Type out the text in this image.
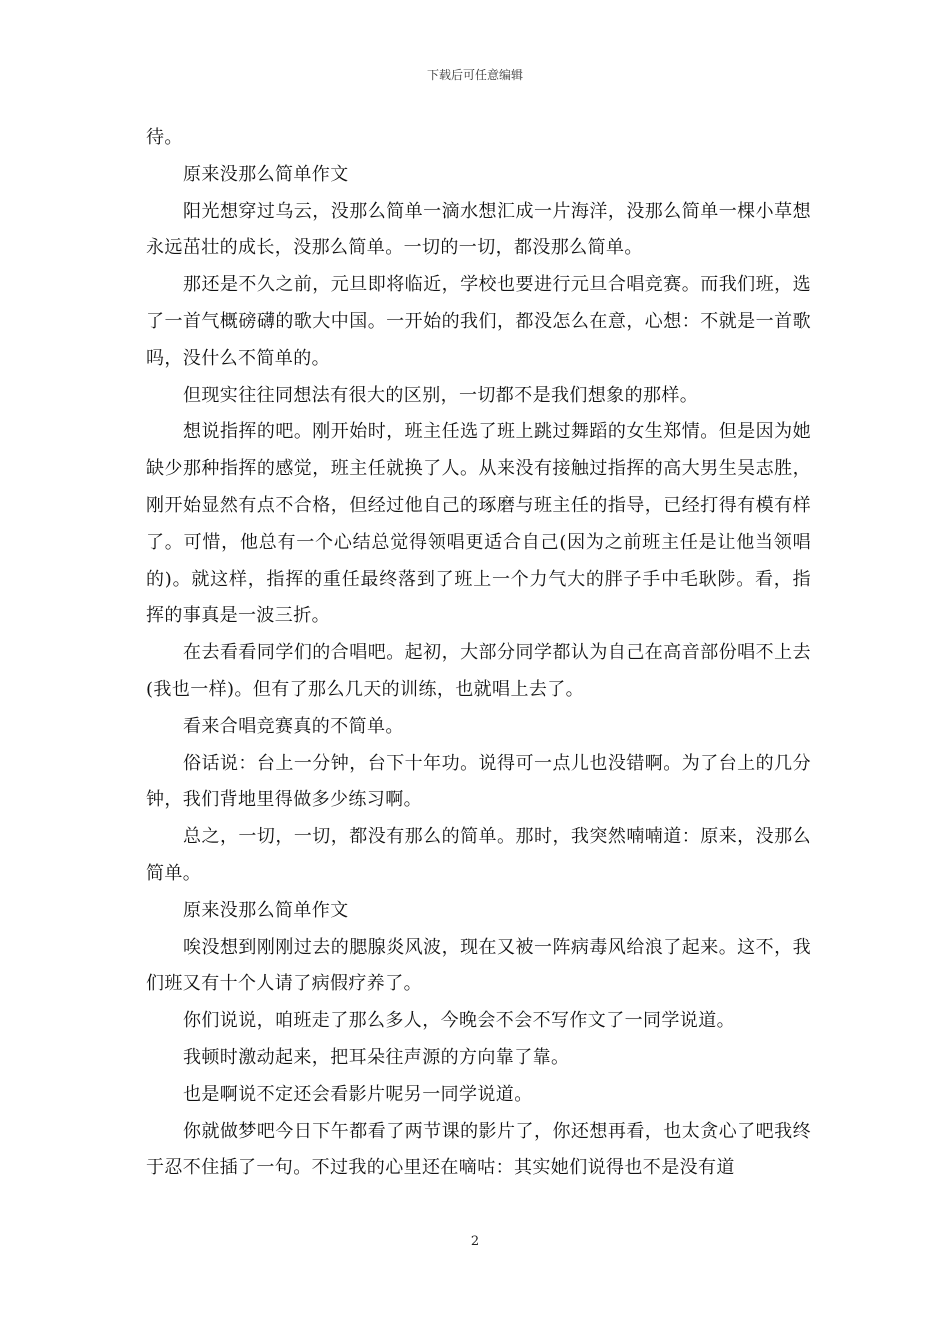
下载后可任意编辑

待。

原来没那么简单作文

阳光想穿过乌云，没那么简单一滴水想汇成一片海洋，没那么简单一棵小草想永远茁壮的成长，没那么简单。一切的一切，都没那么简单。

那还是不久之前，元旦即将临近，学校也要进行元旦合唱竞赛。而我们班，选了一首气概磅礴的歌大中国。一开始的我们，都没怎么在意，心想：不就是一首歌吗，没什么不简单的。

但现实往往同想法有很大的区别，一切都不是我们想象的那样。

想说指挥的吧。刚开始时，班主任选了班上跳过舞蹈的女生郑情。但是因为她缺少那种指挥的感觉，班主任就换了人。从来没有接触过指挥的高大男生吴志胜，刚开始显然有点不合格，但经过他自己的琢磨与班主任的指导，已经打得有模有样了。可惜，他总有一个心结总觉得领唱更适合自己(因为之前班主任是让他当领唱的)。就这样，指挥的重任最终落到了班上一个力气大的胖子手中毛耿陟。看，指挥的事真是一波三折。

在去看看同学们的合唱吧。起初，大部分同学都认为自己在高音部份唱不上去(我也一样)。但有了那么几天的训练，也就唱上去了。

看来合唱竞赛真的不简单。

俗话说：台上一分钟，台下十年功。说得可一点儿也没错啊。为了台上的几分钟，我们背地里得做多少练习啊。

总之，一切，一切，都没有那么的简单。那时，我突然喃喃道：原来，没那么简单。

原来没那么简单作文

唉没想到刚刚过去的腮腺炎风波，现在又被一阵病毒风给浪了起来。这不，我们班又有十个人请了病假疗养了。

你们说说，咱班走了那么多人，今晚会不会不写作文了一同学说道。

我顿时激动起来，把耳朵往声源的方向靠了靠。

也是啊说不定还会看影片呢另一同学说道。

你就做梦吧今日下午都看了两节课的影片了，你还想再看，也太贪心了吧我终于忍不住插了一句。不过我的心里还在嘀咕：其实她们说得也不是没有道

2
